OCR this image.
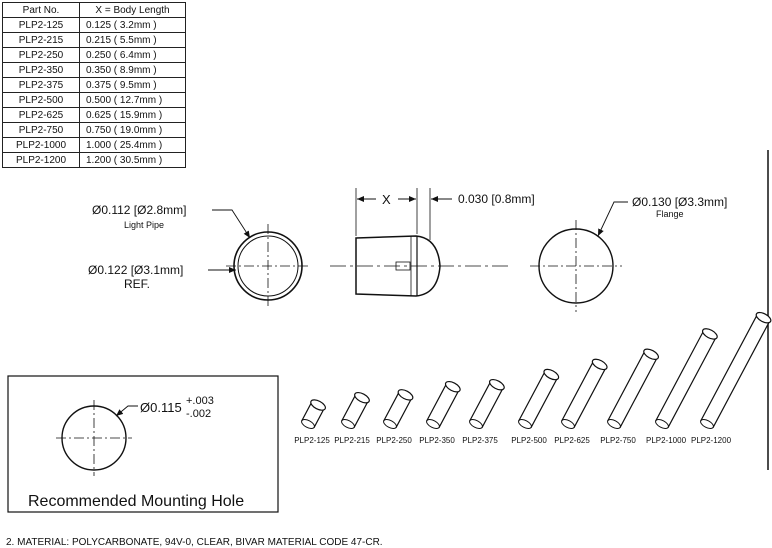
Part No.	X = Body Length
PLP2-125	0.125 ( 3.2mm )
PLP2-215	0.215 ( 5.5mm )
PLP2-250	0.250 ( 6.4mm )
PLP2-350	0.350 ( 8.9mm )
PLP2-375	0.375 ( 9.5mm )
PLP2-500	0.500 ( 12.7mm )
PLP2-625	0.625 ( 15.9mm )
PLP2-750	0.750 ( 19.0mm )
PLP2-1000	1.000 ( 25.4mm )
PLP2-1200	1.200 ( 30.5mm )
Ø0.112 [Ø2.8mm]
Light Pipe
Ø0.122 [Ø3.1mm]
REF.
X	0.030 [0.8mm]	Ø0.130 [Ø3.3mm]
Flange
Ø0.115 +.003
-.002
Recommended Mounting Hole
PLP2-125 PLP2-215 PLP2-250 PLP2-350 PLP2-375 PLP2-500 PLP2-625 PLP2-750 PLP2-1000 PLP2-1200
2. MATERIAL: POLYCARBONATE, 94V-0, CLEAR, BIVAR MATERIAL CODE 47-CR.
